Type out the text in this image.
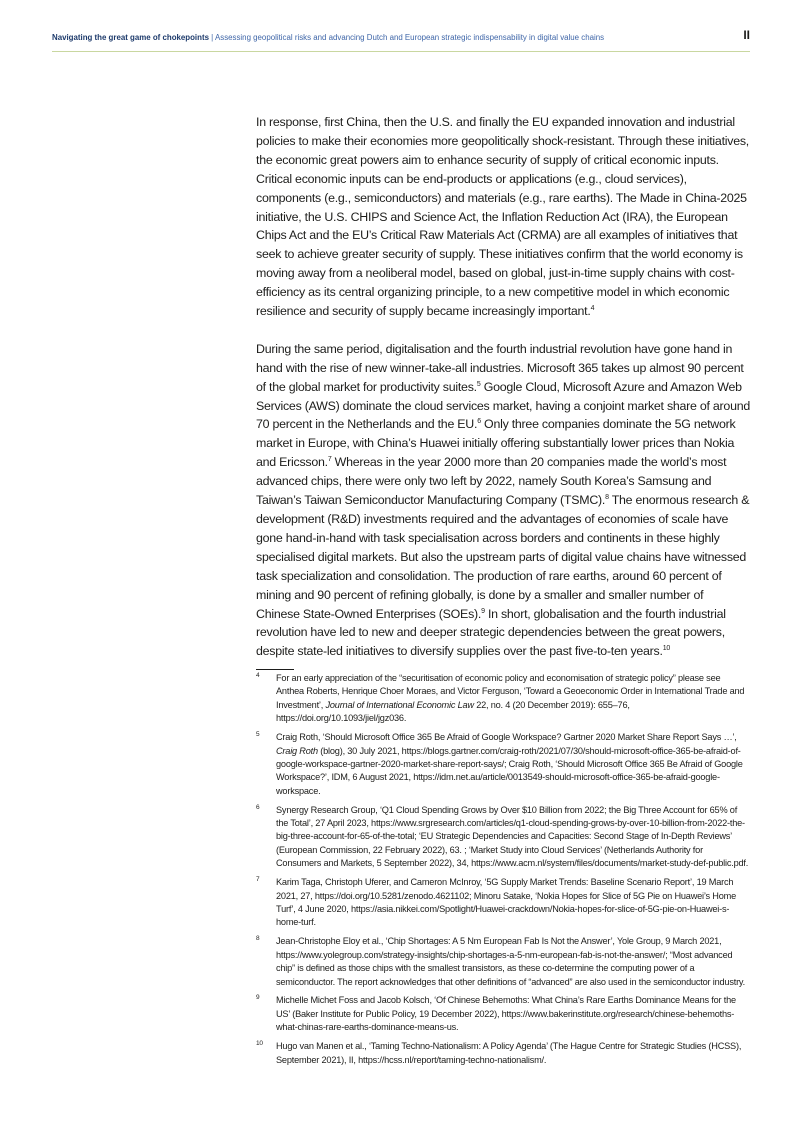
Navigating the great game of chokepoints | Assessing geopolitical risks and advancing Dutch and European strategic indispensability in digital value chains	II

In response, first China, then the U.S. and finally the EU expanded innovation and industrial policies to make their economies more geopolitically shock-resistant. Through these initiatives, the economic great powers aim to enhance security of supply of critical economic inputs. Critical economic inputs can be end-products or applications (e.g., cloud services), components (e.g., semiconductors) and materials (e.g., rare earths). The Made in China-2025 initiative, the U.S. CHIPS and Science Act, the Inflation Reduction Act (IRA), the European Chips Act and the EU’s Critical Raw Materials Act (CRMA) are all examples of initiatives that seek to achieve greater security of supply. These initiatives confirm that the world economy is moving away from a neoliberal model, based on global, just-in-time supply chains with cost-efficiency as its central organizing principle, to a new competitive model in which economic resilience and security of supply became increasingly important.$^4$

During the same period, digitalisation and the fourth industrial revolution have gone hand in hand with the rise of new winner-take-all industries. Microsoft 365 takes up almost 90 percent of the global market for productivity suites.$^5$ Google Cloud, Microsoft Azure and Amazon Web Services (AWS) dominate the cloud services market, having a conjoint market share of around 70 percent in the Netherlands and the EU.$^6$ Only three companies dominate the 5G network market in Europe, with China’s Huawei initially offering substantially lower prices than Nokia and Ericsson.$^7$ Whereas in the year 2000 more than 20 companies made the world’s most advanced chips, there were only two left by 2022, namely South Korea’s Samsung and Taiwan’s Taiwan Semiconductor Manufacturing Company (TSMC).$^8$ The enormous research & development (R&D) investments required and the advantages of economies of scale have gone hand-in-hand with task specialisation across borders and continents in these highly specialised digital markets. But also the upstream parts of digital value chains have witnessed task specialization and consolidation. The production of rare earths, around 60 percent of mining and 90 percent of refining globally, is done by a smaller and smaller number of Chinese State-Owned Enterprises (SOEs).$^9$ In short, globalisation and the fourth industrial revolution have led to new and deeper strategic dependencies between the great powers, despite state-led initiatives to diversify supplies over the past five-to-ten years.$^{10}$

4 For an early appreciation of the “securitisation of economic policy and economisation of strategic policy” please see Anthea Roberts, Henrique Choer Moraes, and Victor Ferguson, ‘Toward a Geoeconomic Order in International Trade and Investment’, Journal of International Economic Law 22, no. 4 (20 December 2019): 655–76, https://doi.org/10.1093/jiel/jgz036.
5 Craig Roth, ‘Should Microsoft Office 365 Be Afraid of Google Workspace? Gartner 2020 Market Share Report Says …’, Craig Roth (blog), 30 July 2021, https://blogs.gartner.com/craig-roth/2021/07/30/should-microsoft-office-365-be-afraid-of-google-workspace-gartner-2020-market-share-report-says/; Craig Roth, ‘Should Microsoft Office 365 Be Afraid of Google Workspace?’, IDM, 6 August 2021, https://idm.net.au/article/0013549-should-microsoft-office-365-be-afraid-google-workspace.
6 Synergy Research Group, ‘Q1 Cloud Spending Grows by Over $10 Billion from 2022; the Big Three Account for 65% of the Total’, 27 April 2023, https://www.srgresearch.com/articles/q1-cloud-spending-grows-by-over-10-billion-from-2022-the-big-three-account-for-65-of-the-total; ‘EU Strategic Dependencies and Capacities: Second Stage of In-Depth Reviews’ (European Commission, 22 February 2022), 63. ; ‘Market Study into Cloud Services’ (Netherlands Authority for Consumers and Markets, 5 September 2022), 34, https://www.acm.nl/system/files/documents/market-study-def-public.pdf.
7 Karim Taga, Christoph Uferer, and Cameron McInroy, ‘5G Supply Market Trends: Baseline Scenario Report’, 19 March 2021, 27, https://doi.org/10.5281/zenodo.4621102; Minoru Satake, ‘Nokia Hopes for Slice of 5G Pie on Huawei’s Home Turf’, 4 June 2020, https://asia.nikkei.com/Spotlight/Huawei-crackdown/Nokia-hopes-for-slice-of-5G-pie-on-Huawei-s-home-turf.
8 Jean-Christophe Eloy et al., ‘Chip Shortages: A 5 Nm European Fab Is Not the Answer’, Yole Group, 9 March 2021, https://www.yolegroup.com/strategy-insights/chip-shortages-a-5-nm-european-fab-is-not-the-answer/; “Most advanced chip” is defined as those chips with the smallest transistors, as these co-determine the computing power of a semiconductor. The report acknowledges that other definitions of “advanced” are also used in the semiconductor industry.
9 Michelle Michet Foss and Jacob Kolsch, ‘Of Chinese Behemoths: What China’s Rare Earths Dominance Means for the US’ (Baker Institute for Public Policy, 19 December 2022), https://www.bakerinstitute.org/research/chinese-behemoths-what-chinas-rare-earths-dominance-means-us.
10 Hugo van Manen et al., ‘Taming Techno-Nationalism: A Policy Agenda’ (The Hague Centre for Strategic Studies (HCSS), September 2021), II, https://hcss.nl/report/taming-techno-nationalism/.
